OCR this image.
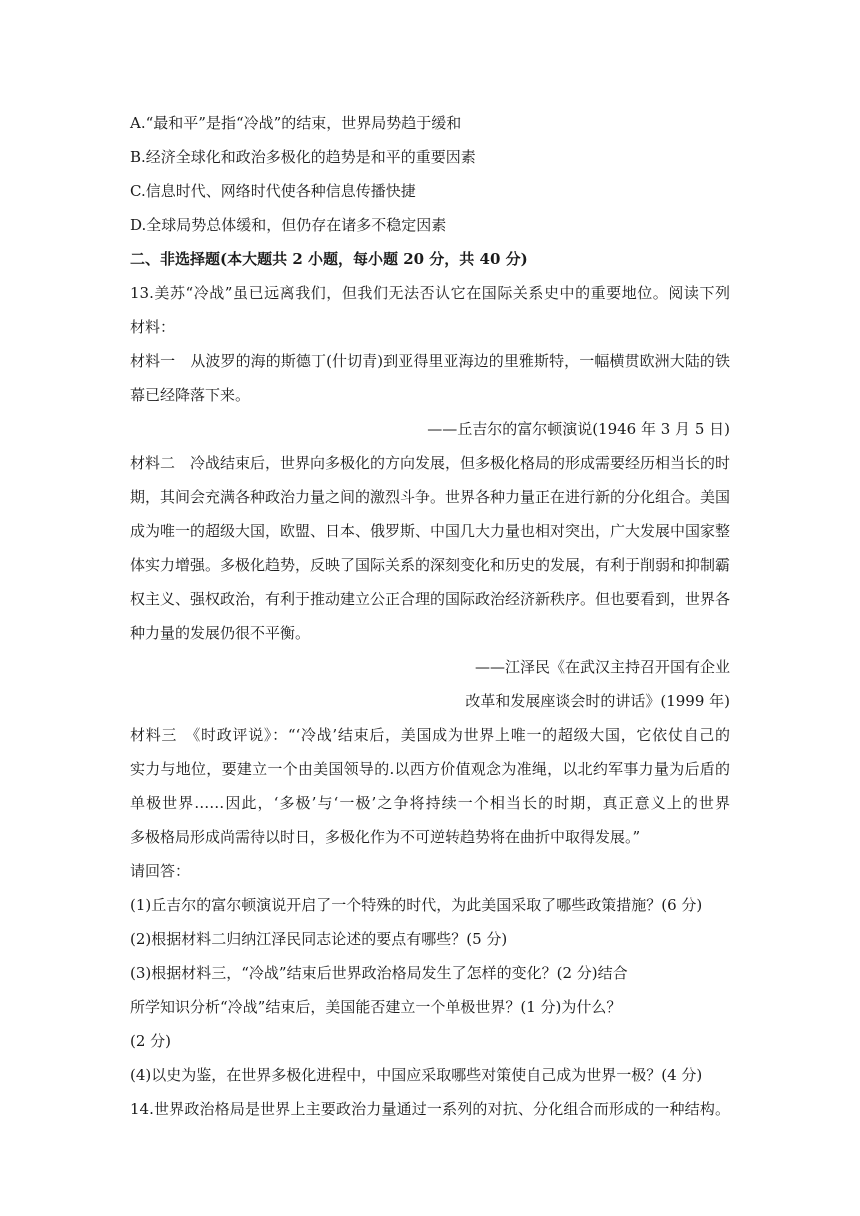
A.“最和平”是指“冷战”的结束，世界局势趋于缓和

B.经济全球化和政治多极化的趋势是和平的重要因素

C.信息时代、网络时代使各种信息传播快捷

D.全球局势总体缓和，但仍存在诸多不稳定因素

二、非选择题(本大题共 2 小题，每小题 20 分，共 40 分)

13.美苏“冷战”虽已远离我们，但我们无法否认它在国际关系史中的重要地位。阅读下列

材料：

材料一　从波罗的海的斯德丁(什切青)到亚得里亚海边的里雅斯特，一幅横贯欧洲大陆的铁

幕已经降落下来。

——丘吉尔的富尔顿演说(1946 年 3 月 5 日)

材料二　冷战结束后，世界向多极化的方向发展，但多极化格局的形成需要经历相当长的时

期，其间会充满各种政治力量之间的激烈斗争。世界各种力量正在进行新的分化组合。美国

成为唯一的超级大国，欧盟、日本、俄罗斯、中国几大力量也相对突出，广大发展中国家整

体实力增强。多极化趋势，反映了国际关系的深刻变化和历史的发展，有利于削弱和抑制霸

权主义、强权政治，有利于推动建立公正合理的国际政治经济新秩序。但也要看到，世界各

种力量的发展仍很不平衡。

——江泽民《在武汉主持召开国有企业

改革和发展座谈会时的讲话》(1999 年)

材料三　《时政评说》：“‘冷战’结束后，美国成为世界上唯一的超级大国，它依仗自己的

实力与地位，要建立一个由美国领导的.以西方价值观念为准绳，以北约军事力量为后盾的

单极世界……因此，‘多极’与‘一极’之争将持续一个相当长的时期，真正意义上的世界

多极格局形成尚需待以时日，多极化作为不可逆转趋势将在曲折中取得发展。”

请回答：

(1)丘吉尔的富尔顿演说开启了一个特殊的时代，为此美国采取了哪些政策措施？(6 分)

(2)根据材料二归纳江泽民同志论述的要点有哪些？(5 分)

(3)根据材料三，“冷战”结束后世界政治格局发生了怎样的变化？(2 分)结合

所学知识分析“冷战”结束后，美国能否建立一个单极世界？(1 分)为什么？

(2 分)

(4)以史为鉴，在世界多极化进程中，中国应采取哪些对策使自己成为世界一极？(4 分)

14.世界政治格局是世界上主要政治力量通过一系列的对抗、分化组合而形成的一种结构。
